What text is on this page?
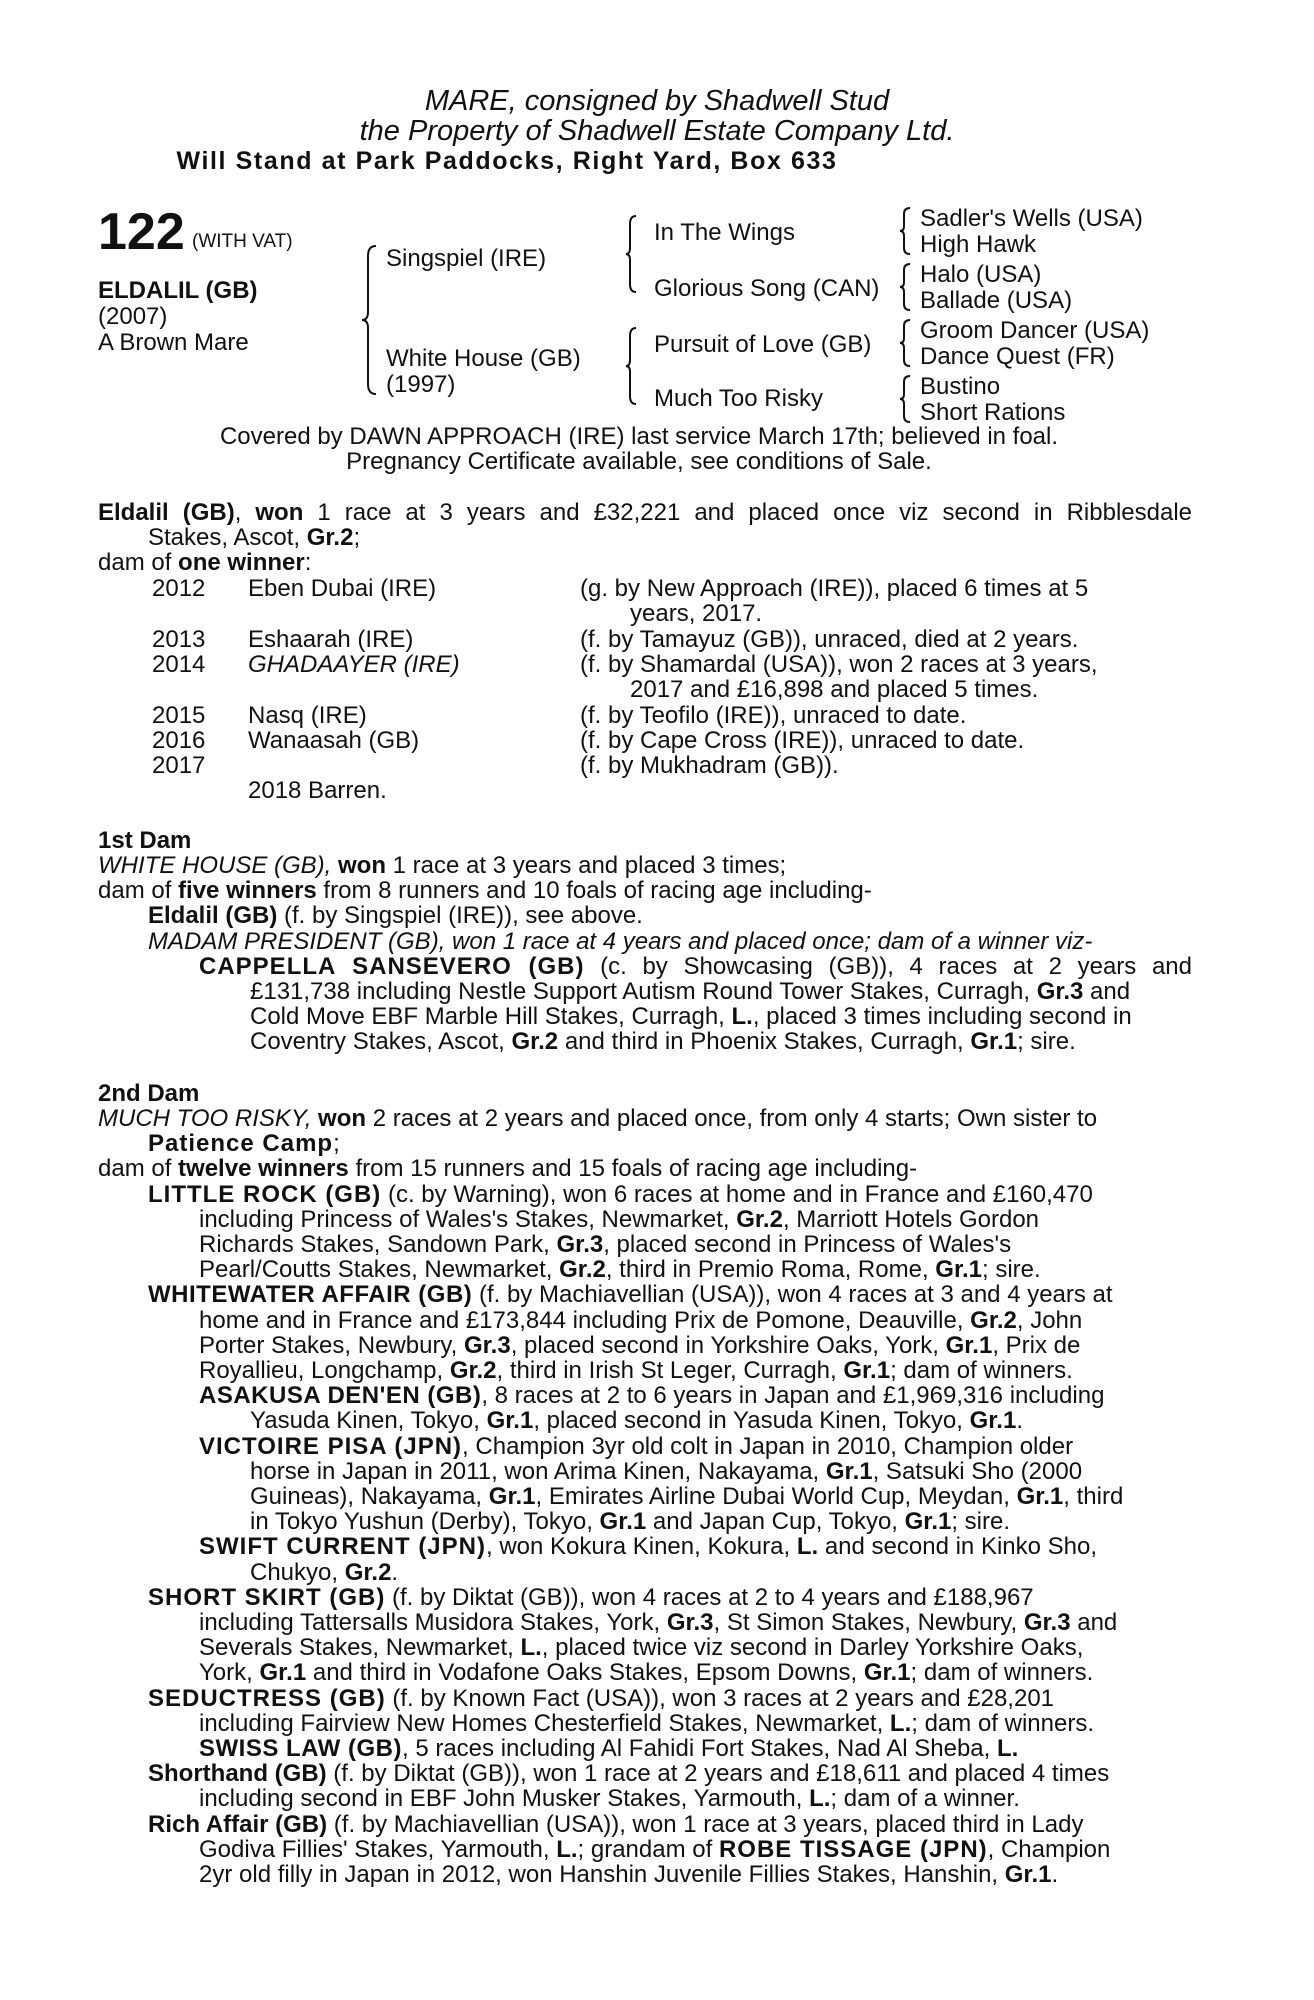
MARE, consigned by Shadwell Stud
the Property of Shadwell Estate Company Ltd.
Will Stand at Park Paddocks, Right Yard, Box 633
122 (WITH VAT)
ELDALIL (GB)
(2007)
A Brown Mare
Singspiel (IRE)
White House (GB)
(1997)
In The Wings
Glorious Song (CAN)
Pursuit of Love (GB)
Much Too Risky
Sadler's Wells (USA)
High Hawk
Halo (USA)
Ballade (USA)
Groom Dancer (USA)
Dance Quest (FR)
Bustino
Short Rations
Covered by DAWN APPROACH (IRE) last service March 17th; believed in foal.
Pregnancy Certificate available, see conditions of Sale.
Eldalil (GB), won 1 race at 3 years and £32,221 and placed once viz second in Ribblesdale
Stakes, Ascot, Gr.2;
dam of one winner:
2012 Eben Dubai (IRE)	(g. by New Approach (IRE)), placed 6 times at 5
years, 2017.
2013 Eshaarah (IRE)	(f. by Tamayuz (GB)), unraced, died at 2 years.
2014 GHADAAYER (IRE)	(f. by Shamardal (USA)), won 2 races at 3 years,
2017 and £16,898 and placed 5 times.
2015 Nasq (IRE)	(f. by Teofilo (IRE)), unraced to date.
2016 Wanaasah (GB)	(f. by Cape Cross (IRE)), unraced to date.
2017	(f. by Mukhadram (GB)).
2018 Barren.
1st Dam
WHITE HOUSE (GB), won 1 race at 3 years and placed 3 times;
dam of five winners from 8 runners and 10 foals of racing age including-
Eldalil (GB) (f. by Singspiel (IRE)), see above.
MADAM PRESIDENT (GB), won 1 race at 4 years and placed once; dam of a winner viz-
CAPPELLA SANSEVERO (GB) (c. by Showcasing (GB)), 4 races at 2 years and
£131,738 including Nestle Support Autism Round Tower Stakes, Curragh, Gr.3 and
Cold Move EBF Marble Hill Stakes, Curragh, L., placed 3 times including second in
Coventry Stakes, Ascot, Gr.2 and third in Phoenix Stakes, Curragh, Gr.1; sire.
2nd Dam
MUCH TOO RISKY, won 2 races at 2 years and placed once, from only 4 starts; Own sister to
Patience Camp;
dam of twelve winners from 15 runners and 15 foals of racing age including-
LITTLE ROCK (GB) (c. by Warning), won 6 races at home and in France and £160,470
including Princess of Wales's Stakes, Newmarket, Gr.2, Marriott Hotels Gordon
Richards Stakes, Sandown Park, Gr.3, placed second in Princess of Wales's
Pearl/Coutts Stakes, Newmarket, Gr.2, third in Premio Roma, Rome, Gr.1; sire.
WHITEWATER AFFAIR (GB) (f. by Machiavellian (USA)), won 4 races at 3 and 4 years at
home and in France and £173,844 including Prix de Pomone, Deauville, Gr.2, John
Porter Stakes, Newbury, Gr.3, placed second in Yorkshire Oaks, York, Gr.1, Prix de
Royallieu, Longchamp, Gr.2, third in Irish St Leger, Curragh, Gr.1; dam of winners.
ASAKUSA DEN'EN (GB), 8 races at 2 to 6 years in Japan and £1,969,316 including
Yasuda Kinen, Tokyo, Gr.1, placed second in Yasuda Kinen, Tokyo, Gr.1.
VICTOIRE PISA (JPN), Champion 3yr old colt in Japan in 2010, Champion older
horse in Japan in 2011, won Arima Kinen, Nakayama, Gr.1, Satsuki Sho (2000
Guineas), Nakayama, Gr.1, Emirates Airline Dubai World Cup, Meydan, Gr.1, third
in Tokyo Yushun (Derby), Tokyo, Gr.1 and Japan Cup, Tokyo, Gr.1; sire.
SWIFT CURRENT (JPN), won Kokura Kinen, Kokura, L. and second in Kinko Sho,
Chukyo, Gr.2.
SHORT SKIRT (GB) (f. by Diktat (GB)), won 4 races at 2 to 4 years and £188,967
including Tattersalls Musidora Stakes, York, Gr.3, St Simon Stakes, Newbury, Gr.3 and
Severals Stakes, Newmarket, L., placed twice viz second in Darley Yorkshire Oaks,
York, Gr.1 and third in Vodafone Oaks Stakes, Epsom Downs, Gr.1; dam of winners.
SEDUCTRESS (GB) (f. by Known Fact (USA)), won 3 races at 2 years and £28,201
including Fairview New Homes Chesterfield Stakes, Newmarket, L.; dam of winners.
SWISS LAW (GB), 5 races including Al Fahidi Fort Stakes, Nad Al Sheba, L.
Shorthand (GB) (f. by Diktat (GB)), won 1 race at 2 years and £18,611 and placed 4 times
including second in EBF John Musker Stakes, Yarmouth, L.; dam of a winner.
Rich Affair (GB) (f. by Machiavellian (USA)), won 1 race at 3 years, placed third in Lady
Godiva Fillies' Stakes, Yarmouth, L.; grandam of ROBE TISSAGE (JPN), Champion
2yr old filly in Japan in 2012, won Hanshin Juvenile Fillies Stakes, Hanshin, Gr.1.
